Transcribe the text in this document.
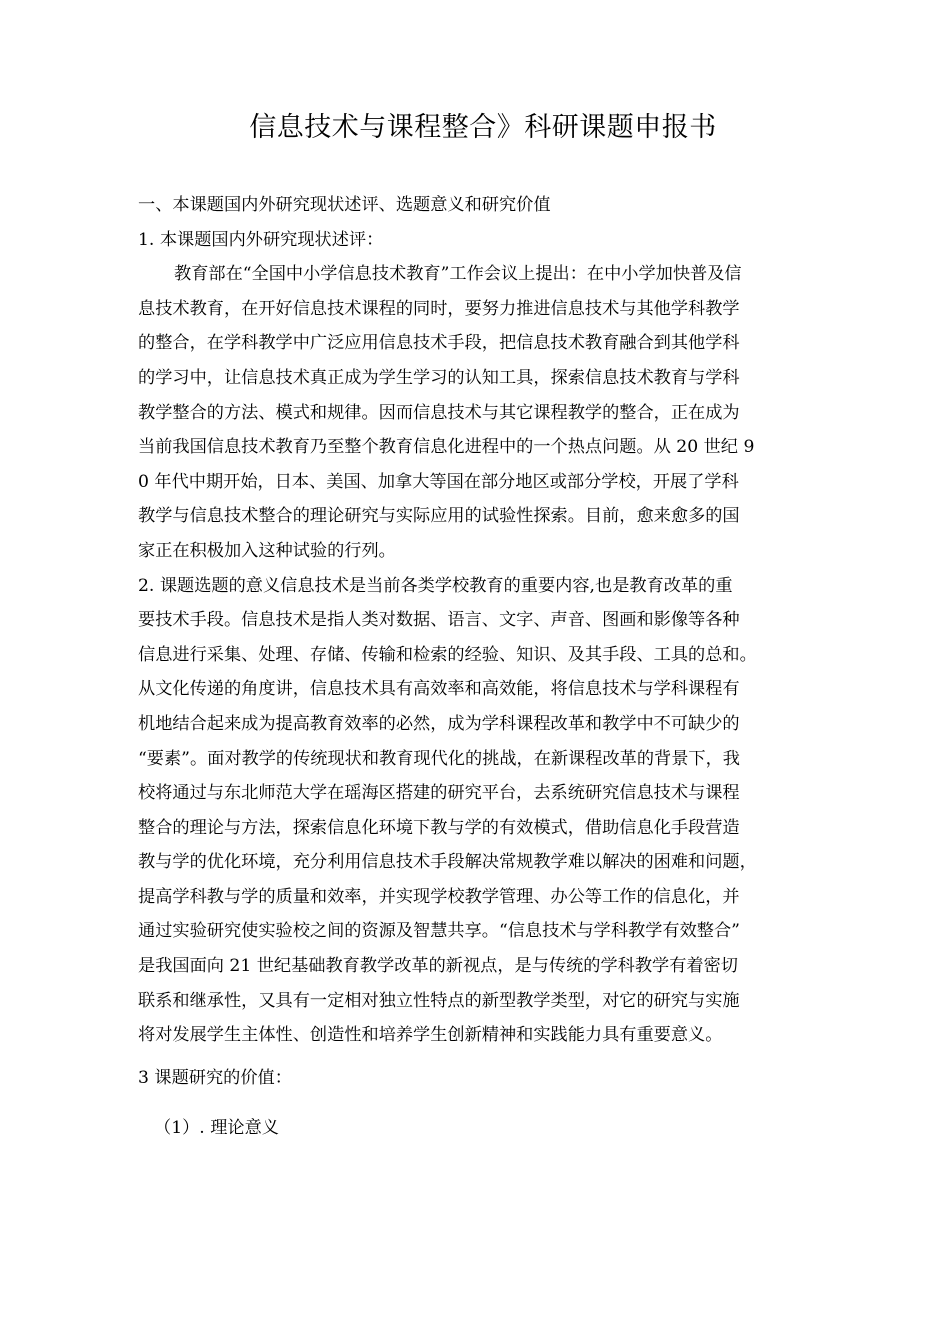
信息技术与课程整合》科研课题申报书
一、本课题国内外研究现状述评、选题意义和研究价值
1. 本课题国内外研究现状述评：
教育部在“全国中小学信息技术教育”工作会议上提出：在中小学加快普及信
息技术教育，在开好信息技术课程的同时，要努力推进信息技术与其他学科教学
的整合，在学科教学中广泛应用信息技术手段，把信息技术教育融合到其他学科
的学习中，让信息技术真正成为学生学习的认知工具，探索信息技术教育与学科
教学整合的方法、模式和规律。因而信息技术与其它课程教学的整合，正在成为
当前我国信息技术教育乃至整个教育信息化进程中的一个热点问题。从 20 世纪 9
0 年代中期开始，日本、美国、加拿大等国在部分地区或部分学校，开展了学科
教学与信息技术整合的理论研究与实际应用的试验性探索。目前，愈来愈多的国
家正在积极加入这种试验的行列。
2. 课题选题的意义信息技术是当前各类学校教育的重要内容,也是教育改革的重
要技术手段。信息技术是指人类对数据、语言、文字、声音、图画和影像等各种
信息进行采集、处理、存储、传输和检索的经验、知识、及其手段、工具的总和。
从文化传递的角度讲，信息技术具有高效率和高效能，将信息技术与学科课程有
机地结合起来成为提高教育效率的必然，成为学科课程改革和教学中不可缺少的
“要素”。面对教学的传统现状和教育现代化的挑战，在新课程改革的背景下，我
校将通过与东北师范大学在瑶海区搭建的研究平台，去系统研究信息技术与课程
整合的理论与方法，探索信息化环境下教与学的有效模式，借助信息化手段营造
教与学的优化环境，充分利用信息技术手段解决常规教学难以解决的困难和问题，
提高学科教与学的质量和效率，并实现学校教学管理、办公等工作的信息化，并
通过实验研究使实验校之间的资源及智慧共享。“信息技术与学科教学有效整合”
是我国面向 21 世纪基础教育教学改革的新视点，是与传统的学科教学有着密切
联系和继承性，又具有一定相对独立性特点的新型教学类型，对它的研究与实施
将对发展学生主体性、创造性和培养学生创新精神和实践能力具有重要意义。
3 课题研究的价值：
（1）. 理论意义
